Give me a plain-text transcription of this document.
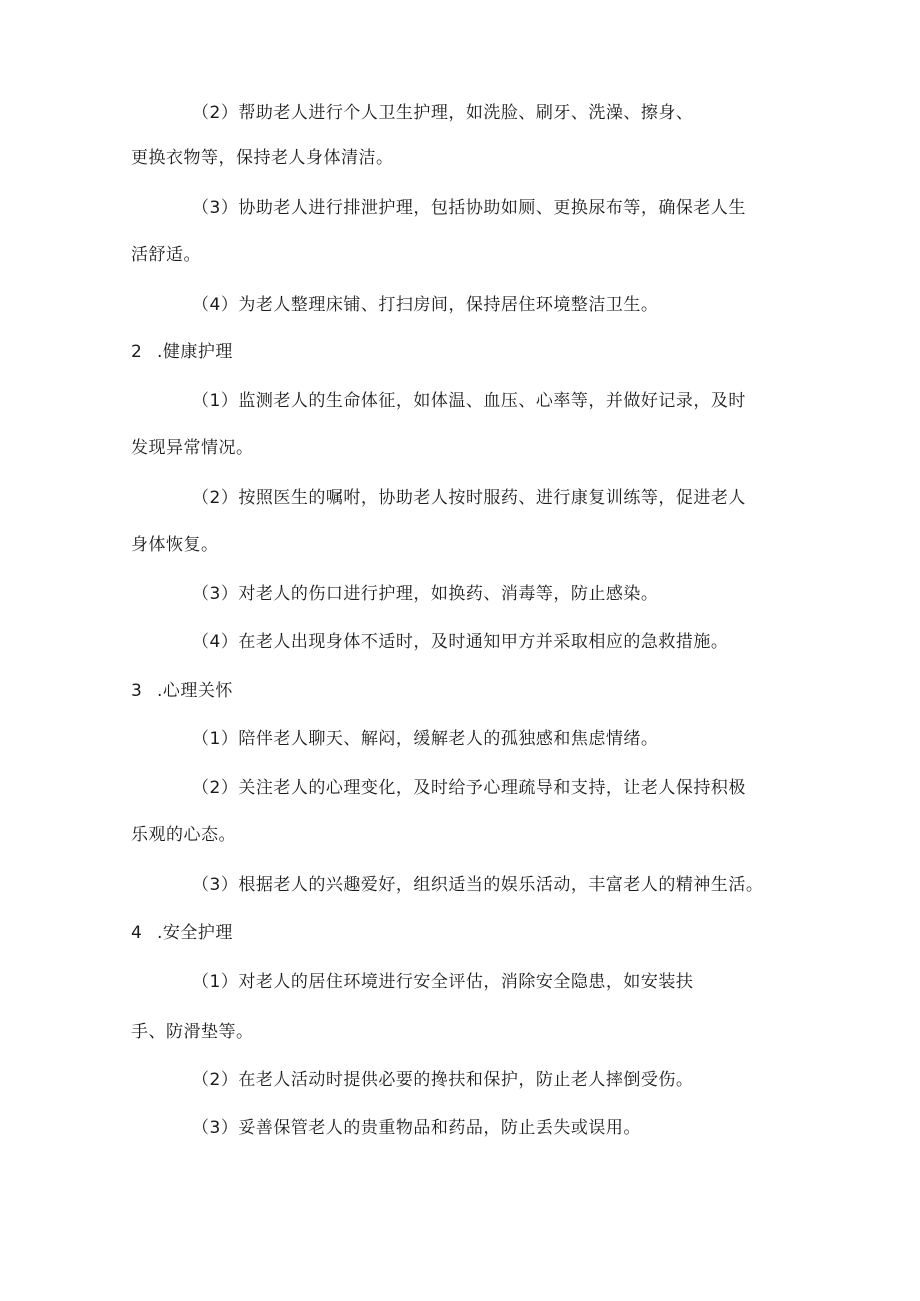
（2）帮助老人进行个人卫生护理，如洗脸、刷牙、洗澡、擦身、
更换衣物等，保持老人身体清洁。
（3）协助老人进行排泄护理，包括协助如厕、更换尿布等，确保老人生
活舒适。
（4）为老人整理床铺、打扫房间，保持居住环境整洁卫生。
2 .健康护理
（1）监测老人的生命体征，如体温、血压、心率等，并做好记录，及时
发现异常情况。
（2）按照医生的嘱咐，协助老人按时服药、进行康复训练等，促进老人
身体恢复。
（3）对老人的伤口进行护理，如换药、消毒等，防止感染。
（4）在老人出现身体不适时，及时通知甲方并采取相应的急救措施。
3 .心理关怀
（1）陪伴老人聊天、解闷，缓解老人的孤独感和焦虑情绪。
（2）关注老人的心理变化，及时给予心理疏导和支持，让老人保持积极
乐观的心态。
（3）根据老人的兴趣爱好，组织适当的娱乐活动，丰富老人的精神生活。
4 .安全护理
（1）对老人的居住环境进行安全评估，消除安全隐患，如安装扶
手、防滑垫等。
（2）在老人活动时提供必要的搀扶和保护，防止老人摔倒受伤。
（3）妥善保管老人的贵重物品和药品，防止丢失或误用。
